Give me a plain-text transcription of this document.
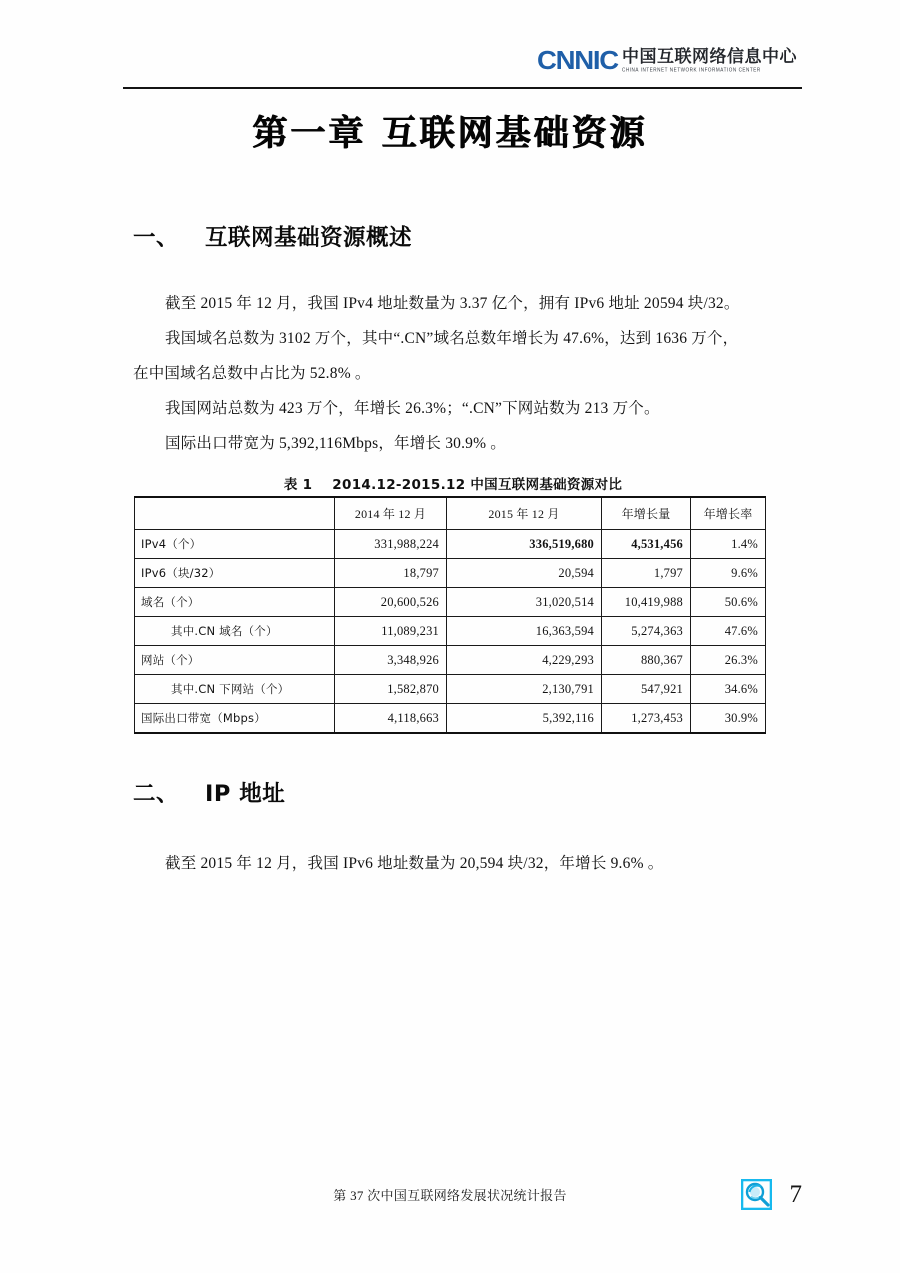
CNNIC 中国互联网络信息中心
CHINA INTERNET NETWORK INFORMATION CENTER
第一章 互联网基础资源
一、 互联网基础资源概述
截至 2015 年 12 月，我国 IPv4 地址数量为 3.37 亿个，拥有 IPv6 地址 20594 块/32。
我国域名总数为 3102 万个，其中“.CN”域名总数年增长为 47.6%，达到 1636 万个，
在中国域名总数中占比为 52.8% 。
我国网站总数为 423 万个，年增长 26.3%；“.CN”下网站数为 213 万个。
国际出口带宽为 5,392,116Mbps，年增长 30.9% 。
表 1    2014.12-2015.12 中国互联网基础资源对比
	2014 年 12 月	2015 年 12 月	年增长量	年增长率
IPv4（个）	331,988,224	336,519,680	4,531,456	1.4%
IPv6（块/32）	18,797	20,594	1,797	9.6%
域名（个）	20,600,526	31,020,514	10,419,988	50.6%
其中.CN 域名（个）	11,089,231	16,363,594	5,274,363	47.6%
网站（个）	3,348,926	4,229,293	880,367	26.3%
其中.CN 下网站（个）	1,582,870	2,130,791	547,921	34.6%
国际出口带宽（Mbps）	4,118,663	5,392,116	1,273,453	30.9%
二、 IP 地址
截至 2015 年 12 月，我国 IPv6 地址数量为 20,594 块/32，年增长 9.6% 。
第 37 次中国互联网络发展状况统计报告	7
